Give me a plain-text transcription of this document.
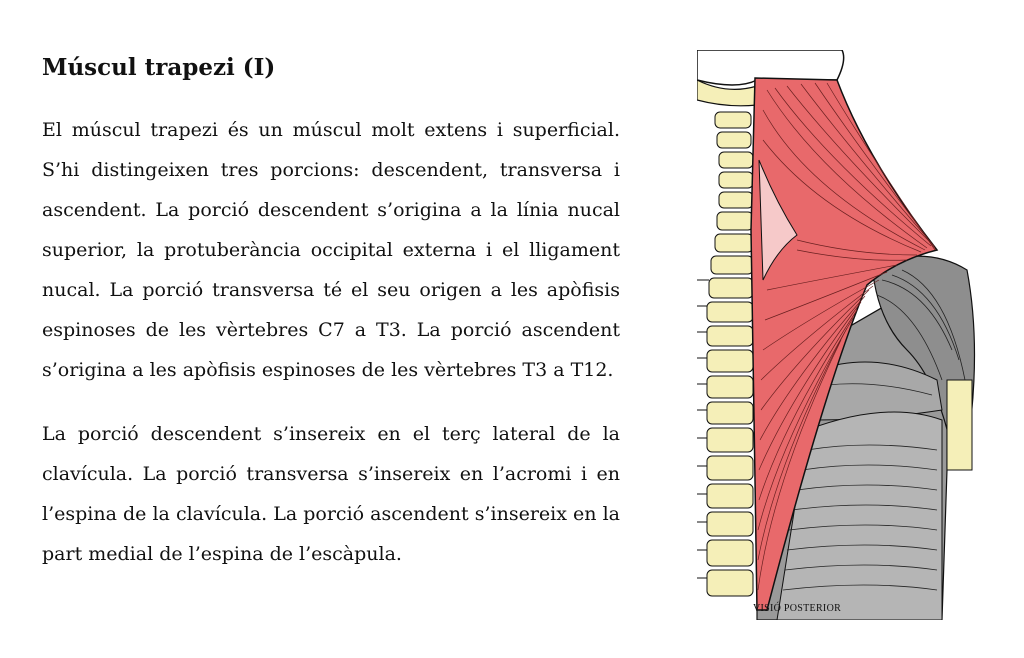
Múscul trapezi (I)

El múscul trapezi és un múscul molt extens i superficial. S’hi distingeixen tres porcions: descendent, transversa i ascendent. La porció descendent s’origina a la línia nucal superior, la protuberància occipital externa i el lligament nucal. La porció transversa té el seu origen a les apòfisis espinoses de les vèrtebres C7 a T3. La porció ascendent s’origina a les apòfisis espinoses de les vèrtebres T3 a T12.

La porció descendent s’insereix en el terç lateral de la clavícula. La porció transversa s’insereix en l’acromi i en l’espina de la clavícula. La porció ascendent s’insereix en la part medial de l’espina de l’escàpula.

VISIÓ POSTERIOR
